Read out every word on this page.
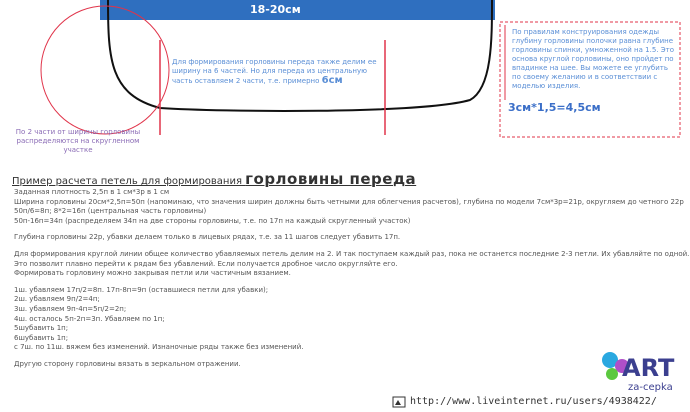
18-20см
По 2 части от ширины горловины распределяются на скругленном участке
Для формирования горловины переда также делим ее ширину на 6 частей. Но для переда из центральную часть оставляем 2 части, т.е. примерно 6см
По правилам конструирования одежды глубину горловины полочки равна глубине горловины спинки, умноженной на 1.5. Это основа круглой горловины, оно пройдет по впадинке на шее. Вы можете ее углубить по своему желанию и в соответствии с моделью изделия.
3см*1,5=4,5см
Пример расчета петель для формирования горловины переда
Заданная плотность 2,5п в 1 см*3р в 1 см
Ширина горловины 20см*2,5п=50п (напоминаю, что значения ширин должны быть четными для облегчения расчетов), глубина по модели 7см*3р=21р, округляем до четного 22р
50п/6=8п; 8*2=16п (центральная часть горловины)
50п-16п=34п (распределяем 34п на две стороны горловины, т.е. по 17п на каждый скругленный участок)
Глубина горловины 22р, убавки делаем только в лицевых рядах, т.е. за 11 шагов следует убавить 17п.
Для формирования круглой линии общее количество убавляемых петель делим на 2. И так поступаем каждый раз, пока не останется последние 2-3 петли. Их убавляйте по одной.
Это позволит плавно перейти к рядам без убавлений. Если получается дробное число округляйте его.
Формировать горловину можно закрывая петли или частичным вязанием.
1ш. убавляем 17п/2=8п. 17п-8п=9п (оставшиеся петли для убавки);
2ш. убавляем 9п/2=4п;
3ш. убавляем 9п-4п=5п/2=2п;
4ш. осталось 5п-2п=3п. Убавляем по 1п;
5шубавить 1п;
6шубавить 1п;
с 7ш. по 11ш. вяжем без изменений. Изнаночные ряды также без изменений.
Другую сторону горловины вязать в зеркальном отражении.	ART
za-cepka
http://www.liveinternet.ru/users/4938422/
